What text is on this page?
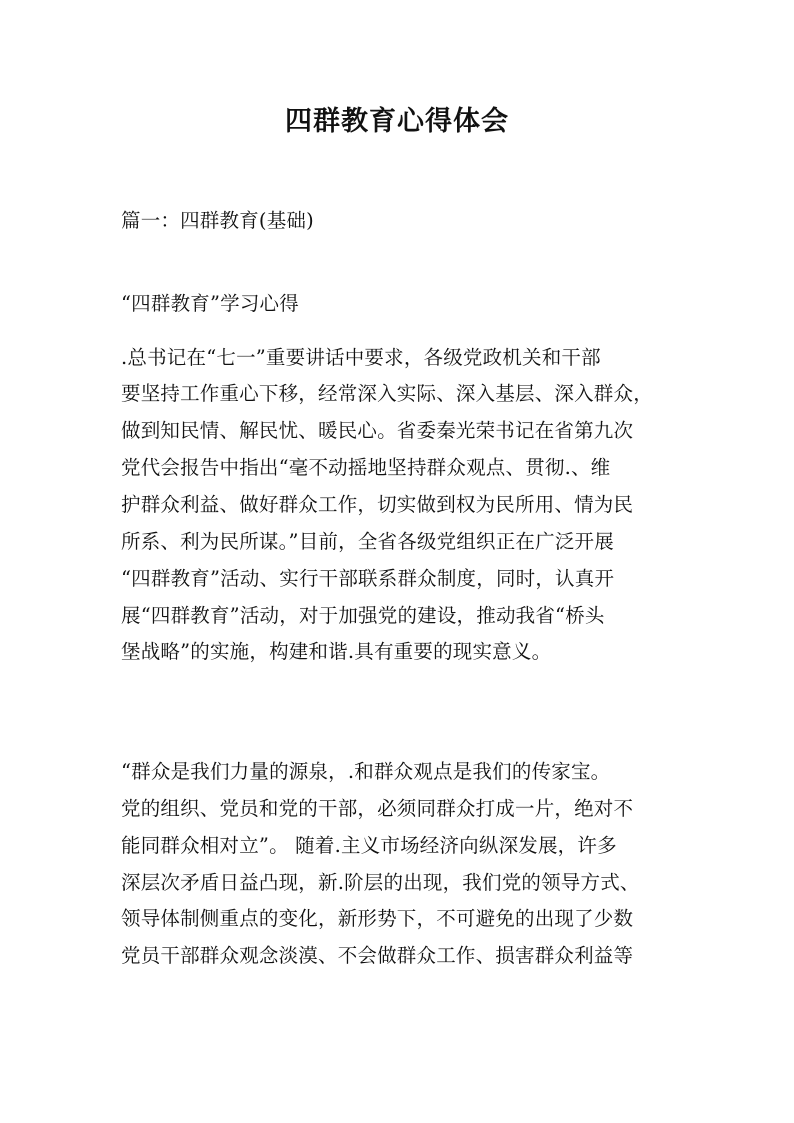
四群教育心得体会
篇一：四群教育(基础)
“四群教育”学习心得
.总书记在“七一”重要讲话中要求，各级党政机关和干部
要坚持工作重心下移，经常深入实际、深入基层、深入群众，
做到知民情、解民忧、暖民心。省委秦光荣书记在省第九次
党代会报告中指出“毫不动摇地坚持群众观点、贯彻.、维
护群众利益、做好群众工作，切实做到权为民所用、情为民
所系、利为民所谋。”目前，全省各级党组织正在广泛开展
“四群教育”活动、实行干部联系群众制度，同时，认真开
展“四群教育”活动，对于加强党的建设，推动我省“桥头
堡战略”的实施，构建和谐.具有重要的现实意义。
“群众是我们力量的源泉，.和群众观点是我们的传家宝。
党的组织、党员和党的干部，必须同群众打成一片，绝对不
能同群众相对立”。 随着.主义市场经济向纵深发展，许多
深层次矛盾日益凸现，新.阶层的出现，我们党的领导方式、
领导体制侧重点的变化，新形势下，不可避免的出现了少数
党员干部群众观念淡漠、不会做群众工作、损害群众利益等
